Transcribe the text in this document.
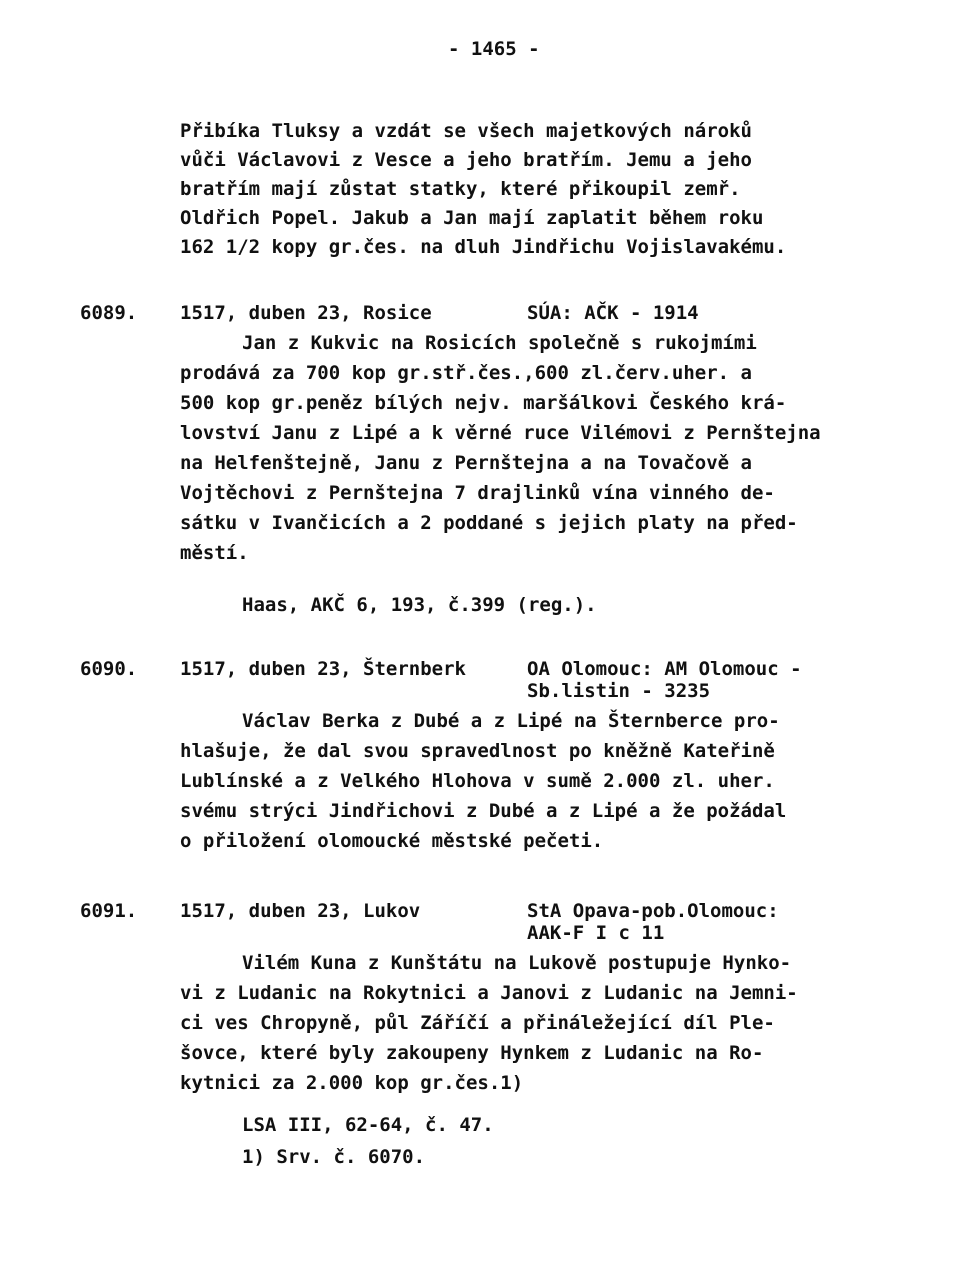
- 1465 -
Přibíka Tluksy a vzdát se všech majetkových nároků
vůči Václavovi z Vesce a jeho bratřím. Jemu a jeho
bratřím mají zůstat statky, které přikoupil zemř.
Oldřich Popel. Jakub a Jan mají zaplatit během roku
162 1/2 kopy gr.čes. na dluh Jindřichu Vojislavakému.
6089. 1517, duben 23, Rosice	SÚA: AČK - 1914
Jan z Kukvic na Rosicích společně s rukojmími
prodává za 700 kop gr.stř.čes.,600 zl.červ.uher. a
500 kop gr.peněz bílých nejv. maršálkovi Českého krá-
lovství Janu z Lipé a k věrné ruce Vilémovi z Pernštejna
na Helfenštejně, Janu z Pernštejna a na Tovačově a
Vojtěchovi z Pernštejna 7 drajlinků vína vinného de-
sátku v Ivančicích a 2 poddané s jejich platy na před-
městí.
Haas, AKČ 6, 193, č.399 (reg.).
6090. 1517, duben 23, Šternberk	OA Olomouc: AM Olomouc -
Sb.listin - 3235
Václav Berka z Dubé a z Lipé na Šternberce pro-
hlašuje, že dal svou spravedlnost po kněžně Kateřině
Lublínské a z Velkého Hlohova v sumě 2.000 zl. uher.
svému strýci Jindřichovi z Dubé a z Lipé a že požádal
o přiložení olomoucké městské pečeti.
6091. 1517, duben 23, Lukov	StA Opava-pob.Olomouc:
AAK-F I c 11
Vilém Kuna z Kunštátu na Lukově postupuje Hynko-
vi z Ludanic na Rokytnici a Janovi z Ludanic na Jemni-
ci ves Chropyně, půl Záříčí a přináležející díl Ple-
šovce, které byly zakoupeny Hynkem z Ludanic na Ro-
kytnici za 2.000 kop gr.čes.1)
LSA III, 62-64, č. 47.
1) Srv. č. 6070.
